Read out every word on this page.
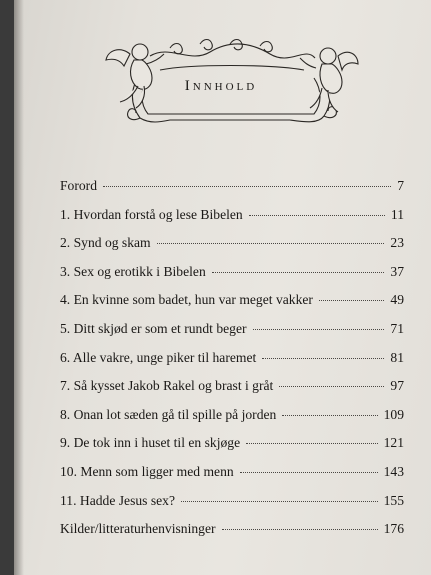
Innhold
Forord	7
1. Hvordan forstå og lese Bibelen	11
2. Synd og skam	23
3. Sex og erotikk i Bibelen	37
4. En kvinne som badet, hun var meget vakker	49
5. Ditt skjød er som et rundt beger	71
6. Alle vakre, unge piker til haremet	81
7. Så kysset Jakob Rakel og brast i gråt	97
8. Onan lot sæden gå til spille på jorden	109
9. De tok inn i huset til en skjøge	121
10. Menn som ligger med menn	143
11. Hadde Jesus sex?	155
Kilder/litteraturhenvisninger	176
